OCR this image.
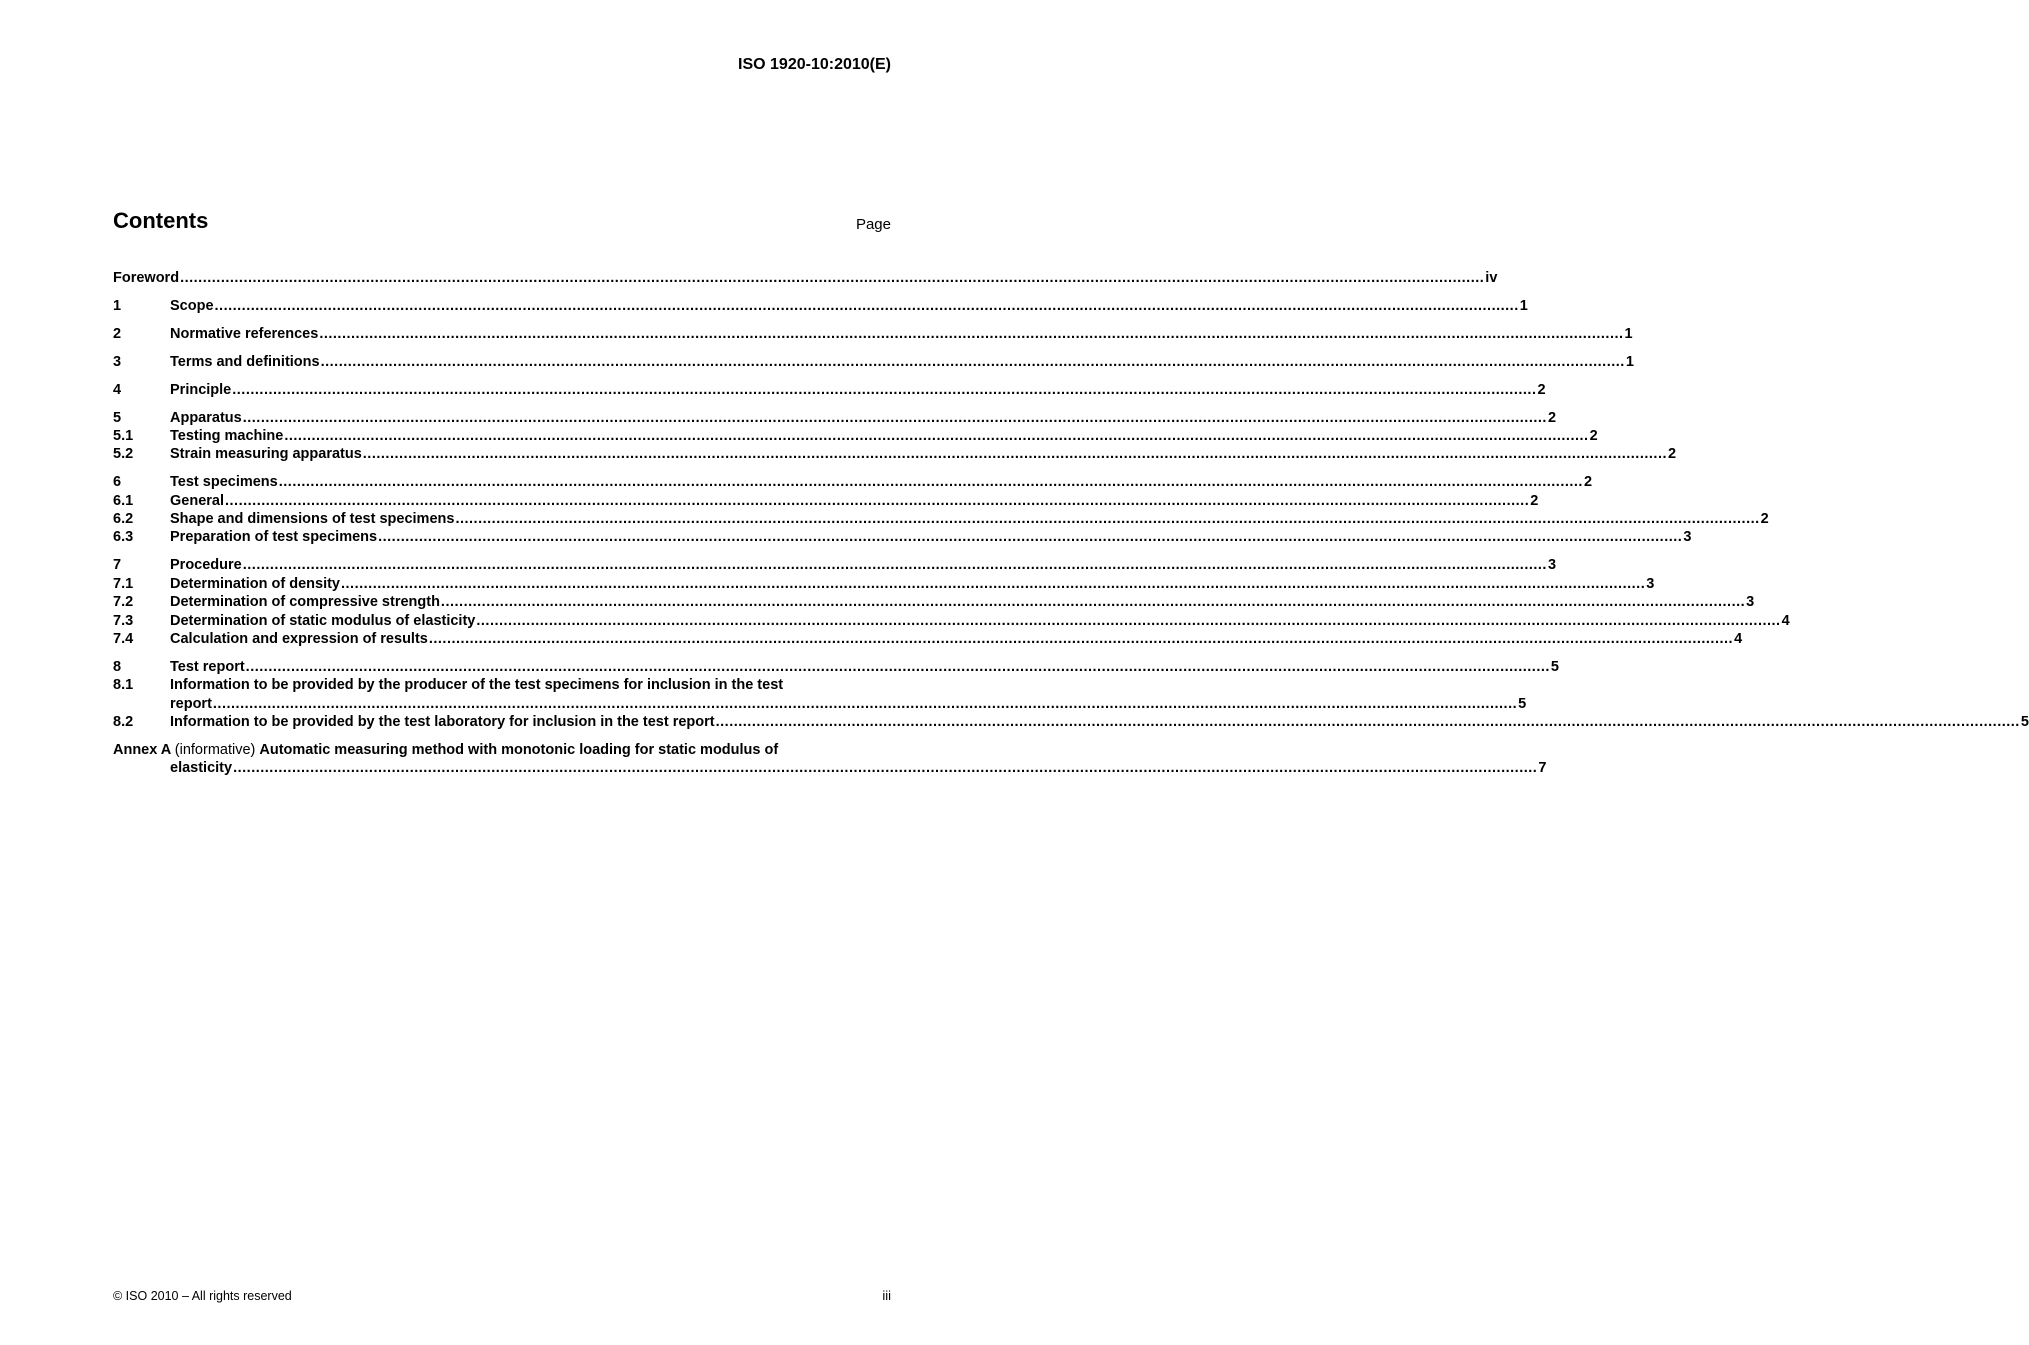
ISO 1920-10:2010(E)
Contents	Page
Foreword .....	iv
1	Scope .....	1
2	Normative references .....	1
3	Terms and definitions .....	1
4	Principle .....	2
5	Apparatus .....	2
5.1	Testing machine .....	2
5.2	Strain measuring apparatus .....	2
6	Test specimens .....	2
6.1	General .....	2
6.2	Shape and dimensions of test specimens .....	2
6.3	Preparation of test specimens .....	3
7	Procedure .....	3
7.1	Determination of density .....	3
7.2	Determination of compressive strength .....	3
7.3	Determination of static modulus of elasticity .....	4
7.4	Calculation and expression of results .....	4
8	Test report .....	5
8.1	Information to be provided by the producer of the test specimens for inclusion in the test
report .....	5
8.2	Information to be provided by the test laboratory for inclusion in the test report .....	5
Annex A (informative) Automatic measuring method with monotonic loading for static modulus of
elasticity .....	7
© ISO 2010 – All rights reserved	iii
